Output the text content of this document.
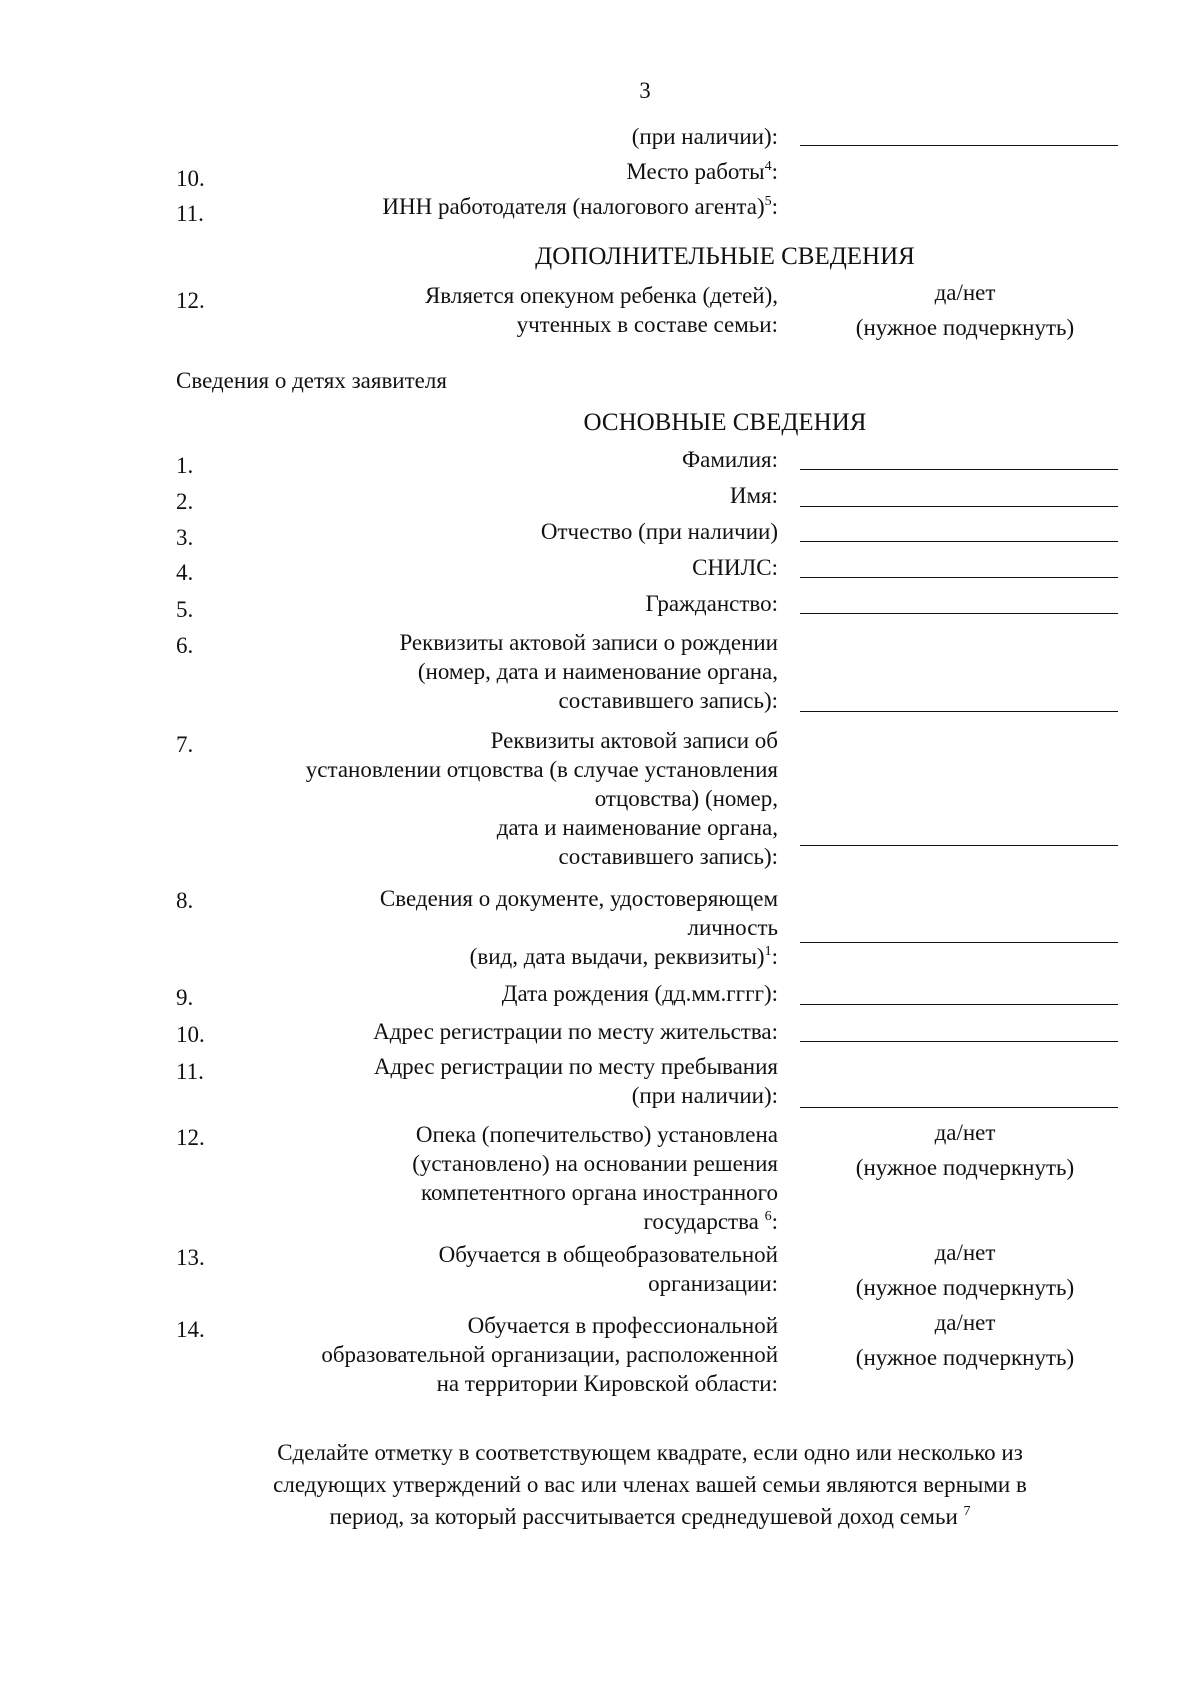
3
(при наличии):
10.	Место работы$^4$:
11.	ИНН работодателя (налогового агента)$^5$:
ДОПОЛНИТЕЛЬНЫЕ СВЕДЕНИЯ
12.	Является опекуном ребенка (детей),
учтенных в составе семьи:
да/нет
(нужное подчеркнуть)
Сведения о детях заявителя
ОСНОВНЫЕ СВЕДЕНИЯ
1.	Фамилия:
2.	Имя:
3.	Отчество (при наличии)
4.	СНИЛС:
5.	Гражданство:
6.	Реквизиты актовой записи о рождении
(номер, дата и наименование органа,
составившего запись):
7.	Реквизиты актовой записи об
установлении отцовства (в случае установления
отцовства) (номер,
дата и наименование органа,
составившего запись):
8.	Сведения о документе, удостоверяющем
личность
(вид, дата выдачи, реквизиты)$^1$:
9.	Дата рождения (дд.мм.гггг):
10.	Адрес регистрации по месту жительства:
11.	Адрес регистрации по месту пребывания
(при наличии):
12.	Опека (попечительство) установлена
(установлено) на основании решения
компетентного органа иностранного
государства $^6$:
да/нет
(нужное подчеркнуть)
13.	Обучается в общеобразовательной
организации:
да/нет
(нужное подчеркнуть)
14.	Обучается в профессиональной
образовательной организации, расположенной
на территории Кировской области:
да/нет
(нужное подчеркнуть)
Сделайте отметку в соответствующем квадрате, если одно или несколько из
следующих утверждений о вас или членах вашей семьи являются верными в
период, за который рассчитывается среднедушевой доход семьи $^7$
